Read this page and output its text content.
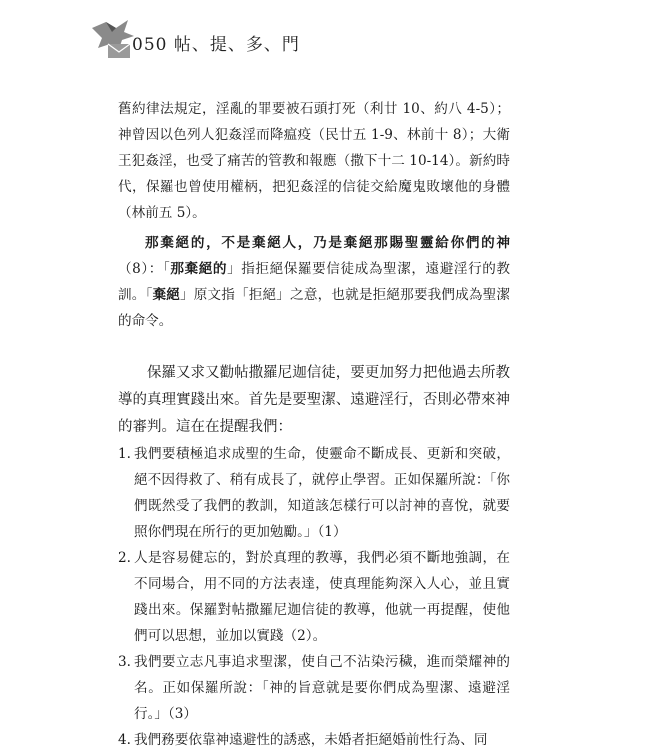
050 帖、提、多、門

舊約律法規定，淫亂的罪要被石頭打死（利廿 10、約八 4-5）；神曾因以色列人犯姦淫而降瘟疫（民廿五 1-9、林前十 8）；大衛王犯姦淫，也受了痛苦的管教和報應（撒下十二 10-14）。新約時代，保羅也曾使用權柄，把犯姦淫的信徒交給魔鬼敗壞他的身體（林前五 5）。

那棄絕的，不是棄絕人，乃是棄絕那賜聖靈給你們的神（8）：「那棄絕的」指拒絕保羅要信徒成為聖潔，遠避淫行的教訓。「棄絕」原文指「拒絕」之意，也就是拒絕那要我們成為聖潔的命令。

保羅又求又勸帖撒羅尼迦信徒，要更加努力把他過去所教導的真理實踐出來。首先是要聖潔、遠避淫行，否則必帶來神的審判。這在在提醒我們：

1. 我們要積極追求成聖的生命，使靈命不斷成長、更新和突破，絕不因得救了、稍有成長了，就停止學習。正如保羅所說：「你們既然受了我們的教訓，知道該怎樣行可以討神的喜悅，就要照你們現在所行的更加勉勵。」（1）
2. 人是容易健忘的，對於真理的教導，我們必須不斷地強調，在不同場合，用不同的方法表達，使真理能夠深入人心，並且實踐出來。保羅對帖撒羅尼迦信徒的教導，他就一再提醒，使他們可以思想，並加以實踐（2）。
3. 我們要立志凡事追求聖潔，使自己不沾染污穢，進而榮耀神的名。正如保羅所說：「神的旨意就是要你們成為聖潔、遠避淫行。」（3）
4. 我們務要依靠神遠避性的誘惑，未婚者拒絕婚前性行為、同
